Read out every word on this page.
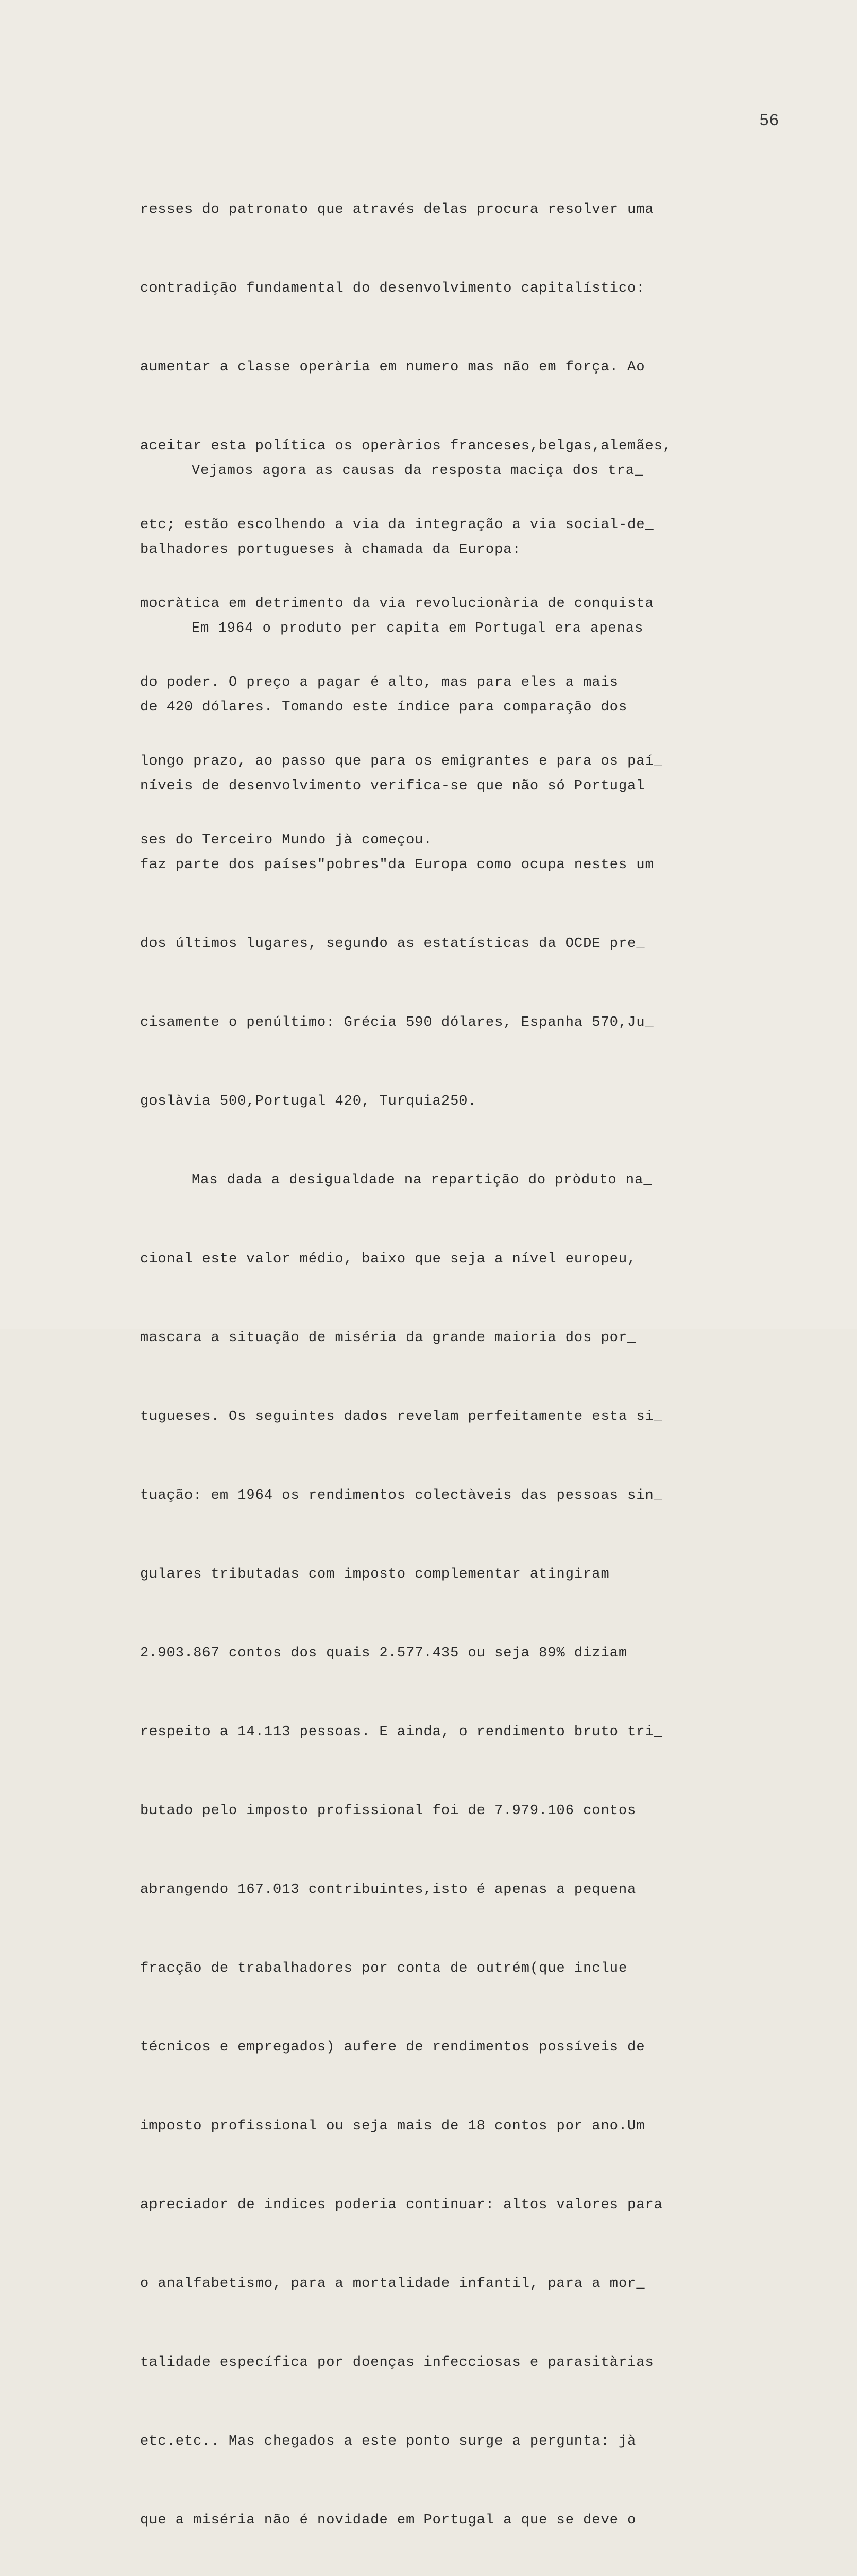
56

resses do patronato que através delas procura resolver uma

contradição fundamental do desenvolvimento capitalístico:

aumentar a classe operària em numero mas não em força. Ao

aceitar esta política os operàrios franceses,belgas,alemães,

etc; estão escolhendo a via da integração a via social-de_

mocràtica em detrimento da via revolucionària de conquista

do poder. O preço a pagar é alto, mas para eles a mais

longo prazo, ao passo que para os emigrantes e para os paí_

ses do Terceiro Mundo jà começou.

Vejamos agora as causas da resposta maciça dos tra_

balhadores portugueses à chamada da Europa:

Em 1964 o produto per capita em Portugal era apenas

de 420 dólares. Tomando este índice para comparação dos

níveis de desenvolvimento verifica-se que não só Portugal

faz parte dos países"pobres"da Europa como ocupa nestes um

dos últimos lugares, segundo as estatísticas da OCDE pre_

cisamente o penúltimo: Grécia 590 dólares, Espanha 570,Ju_

goslàvia 500,Portugal 420, Turquia250.

Mas dada a desigualdade na repartição do pròduto na_

cional este valor médio, baixo que seja a nível europeu,

mascara a situação de miséria da grande maioria dos por_

tugueses. Os seguintes dados revelam perfeitamente esta si_

tuação: em 1964 os rendimentos colectàveis das pessoas sin_

gulares tributadas com imposto complementar atingiram

2.903.867 contos dos quais 2.577.435 ou seja 89% diziam

respeito a 14.113 pessoas. E ainda, o rendimento bruto tri_

butado pelo imposto profissional foi de 7.979.106 contos

abrangendo 167.013 contribuintes,isto é apenas a pequena

fracção de trabalhadores por conta de outrém(que inclue

técnicos e empregados) aufere de rendimentos possíveis de

imposto profissional ou seja mais de 18 contos por ano.Um

apreciador de indices poderia continuar: altos valores para

o analfabetismo, para a mortalidade infantil, para a mor_

talidade específica por doenças infecciosas e parasitàrias

etc.etc.. Mas chegados a este ponto surge a pergunta: jà

que a miséria não é novidade em Portugal a que se deve o
